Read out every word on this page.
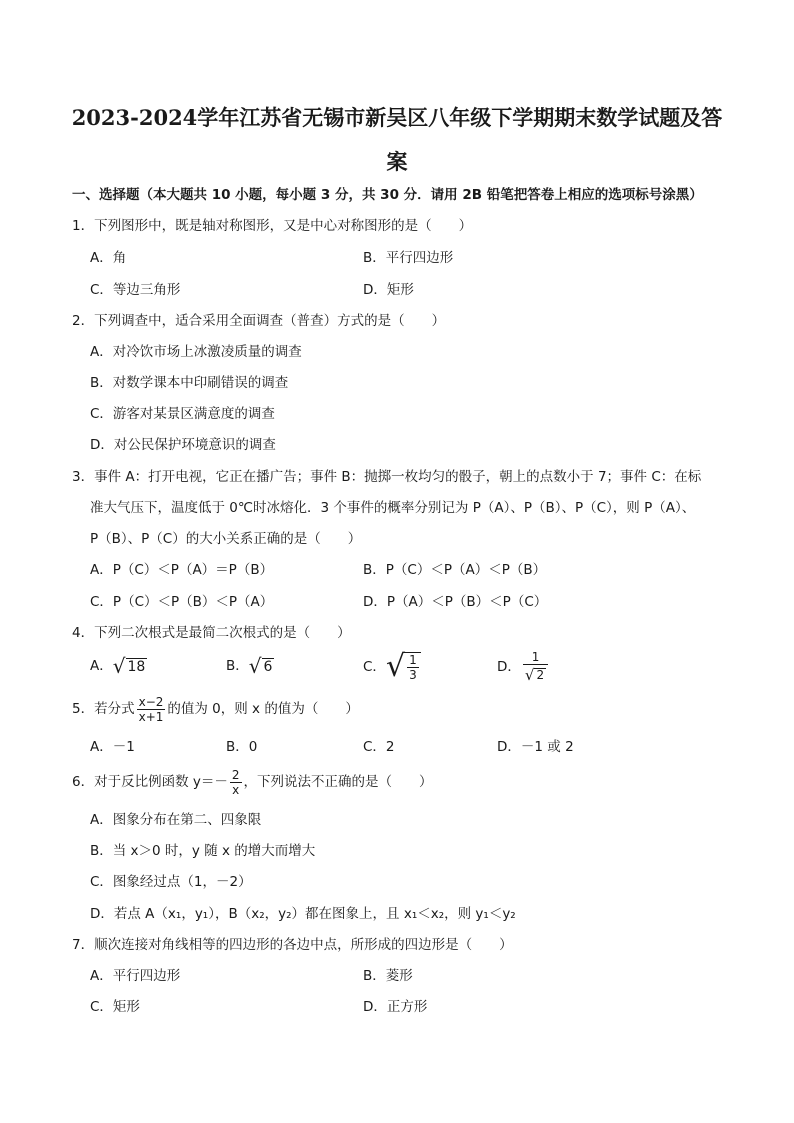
2023-2024学年江苏省无锡市新吴区八年级下学期期末数学试题及答
案
一、选择题（本大题共 10 小题，每小题 3 分，共 30 分．请用 2B 铅笔把答卷上相应的选项标号涂黑）
1．下列图形中，既是轴对称图形，又是中心对称图形的是（　　）
A．角	B．平行四边形
C．等边三角形	D．矩形
2．下列调查中，适合采用全面调查（普查）方式的是（　　）
A．对冷饮市场上冰激凌质量的调查
B．对数学课本中印刷错误的调查
C．游客对某景区满意度的调查
D．对公民保护环境意识的调查
3．事件 A：打开电视，它正在播广告；事件 B：抛掷一枚均匀的骰子，朝上的点数小于 7；事件 C：在标
准大气压下，温度低于 0℃时冰熔化．3 个事件的概率分别记为 P（A）、P（B）、P（C），则 P（A）、
P（B）、P（C）的大小关系正确的是（　　）
A．P（C）＜P（A）＝P（B）	B．P（C）＜P（A）＜P（B）
C．P（C）＜P（B）＜P（A）	D．P（A）＜P（B）＜P（C）
4．下列二次根式是最简二次根式的是（　　）
A．√ 18	B．√ 6	C．√ $\frac{1}{3}$	D． $\frac{1}{√ 2}$
5．若分式 $\frac{x-2}{x+1}$ 的值为 0，则 x 的值为（　　）
A．－1	B．0	C．2	D．－1 或 2
6．对于反比例函数 $y=- \frac{2}{x}$ ，下列说法不正确的是（　　）
A．图象分布在第二、四象限
B．当 x＞0 时，y 随 x 的增大而增大
C．图象经过点（1，－2）
D．若点 A（x₁，y₁），B（x₂，y₂）都在图象上，且 x₁＜x₂，则 y₁＜y₂
7．顺次连接对角线相等的四边形的各边中点，所形成的四边形是（　　）
A．平行四边形	B．菱形
C．矩形	D．正方形
